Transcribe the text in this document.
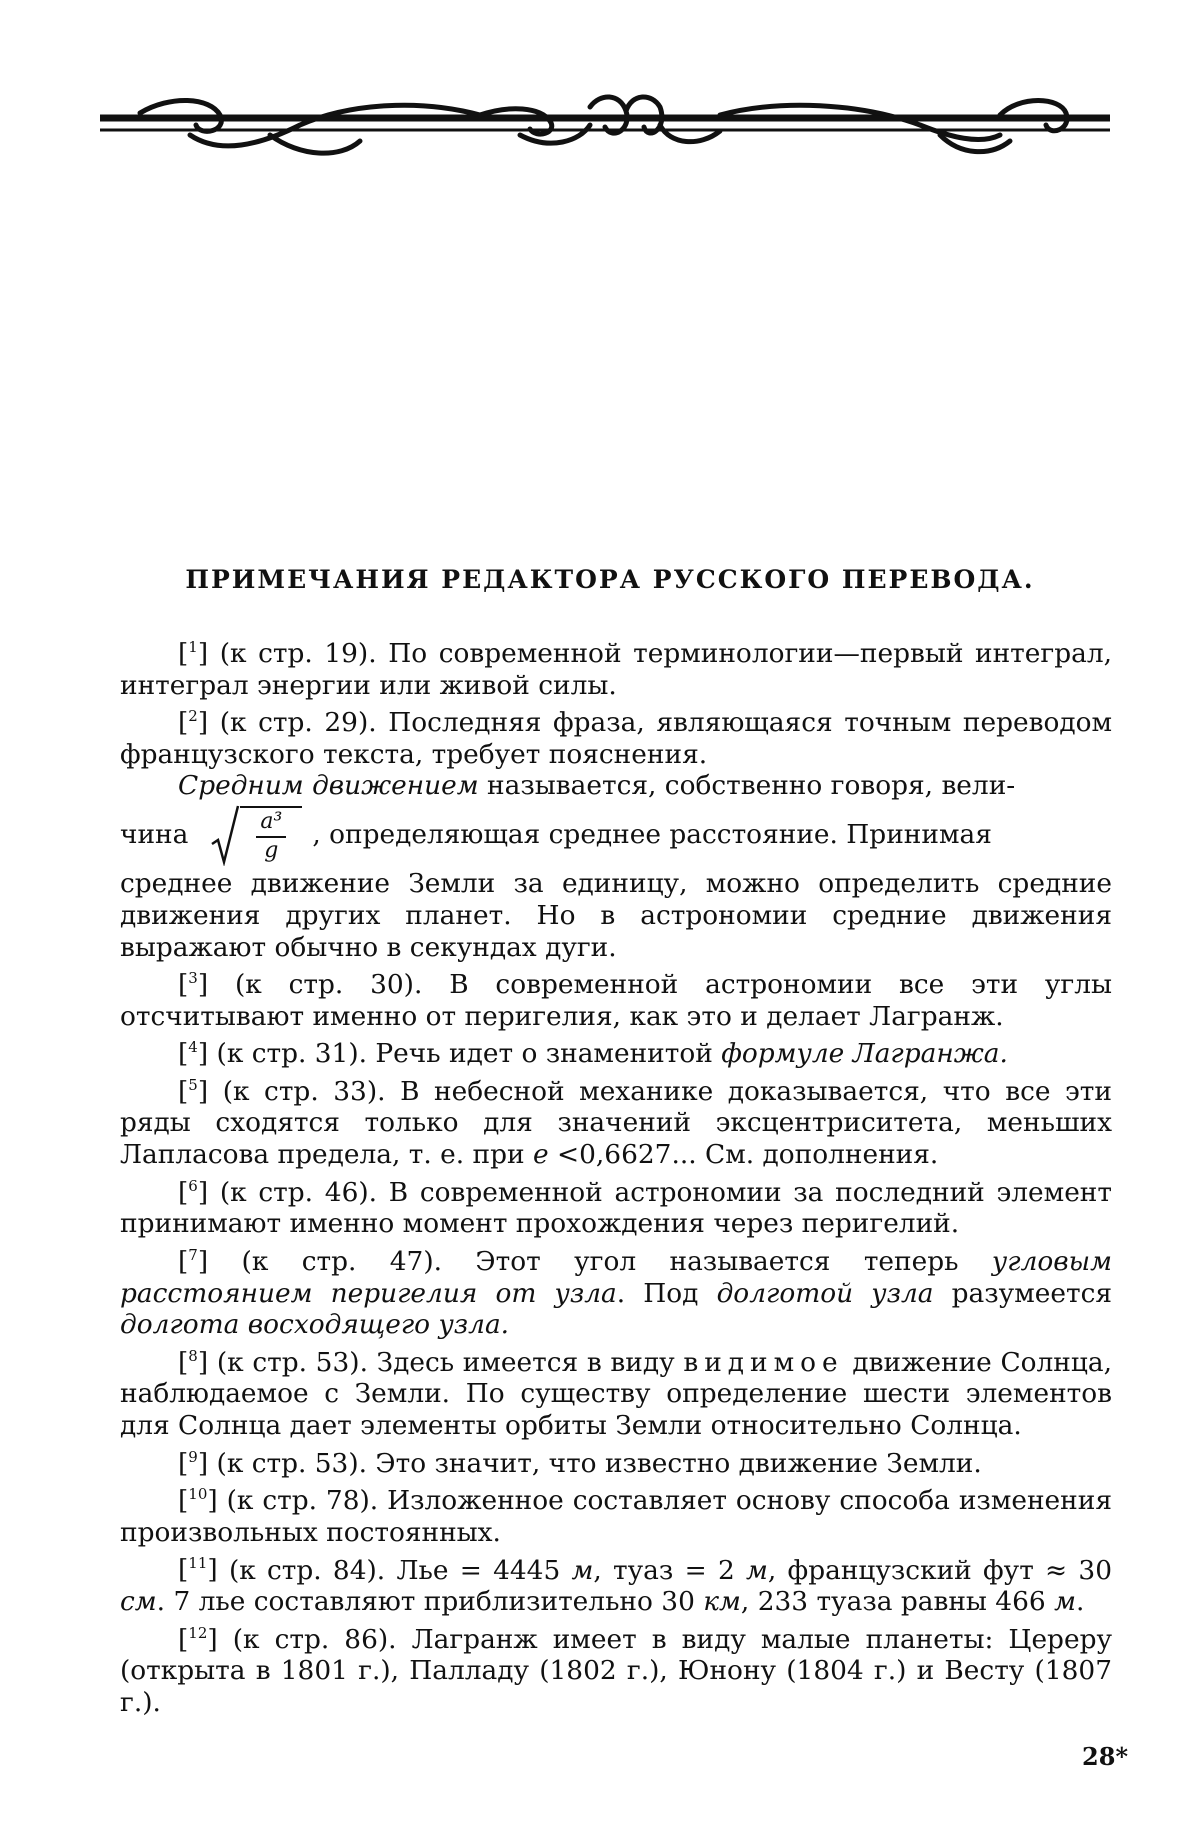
ПРИМЕЧАНИЯ РЕДАКТОРА РУССКОГО ПЕРЕВОДА.

[$^1$] (к стр. 19). По современной терминологии—первый интеграл, интеграл энергии или живой силы.

[$^2$] (к стр. 29). Последняя фраза, являющаяся точным переводом французского текста, требует пояснения.

Средним движением называется, собственно говоря, вели-

чина $\frac{\text{a³}}{g}$ , определяющая среднее расстояние. Принимая

среднее движение Земли за единицу, можно определить средние движения других планет. Но в астрономии средние движения выражают обычно в секундах дуги.

[$^3$] (к стр. 30). В современной астрономии все эти углы отсчитывают именно от перигелия, как это и делает Лагранж.

[$^4$] (к стр. 31). Речь идет о знаменитой формуле Лагранжа.

[$^5$] (к стр. 33). В небесной механике доказывается, что все эти ряды сходятся только для значений эксцентриситета, меньших Лапласова предела, т. е. при e <0,6627... См. дополнения.

[$^6$] (к стр. 46). В современной астрономии за последний элемент принимают именно момент прохождения через перигелий.

[$^7$] (к стр. 47). Этот угол называется теперь угловым расстоянием перигелия от узла. Под долготой узла разумеется долгота восходящего узла.

[$^8$] (к стр. 53). Здесь имеется в виду видимое движение Солнца, наблюдаемое с Земли. По существу определение шести элементов для Солнца дает элементы орбиты Земли относительно Солнца.

[$^9$] (к стр. 53). Это значит, что известно движение Земли.

[$^{10}$] (к стр. 78). Изложенное составляет основу способа изменения произвольных постоянных.

[$^{11}$] (к стр. 84). Лье = 4445 м, туаз = 2 м, французский фут ≈ 30 см. 7 лье составляют приблизительно 30 км, 233 туаза равны 466 м.

[$^{12}$] (к стр. 86). Лагранж имеет в виду малые планеты: Цереру (открыта в 1801 г.), Палладу (1802 г.), Юнону (1804 г.) и Весту (1807 г.).

28*
